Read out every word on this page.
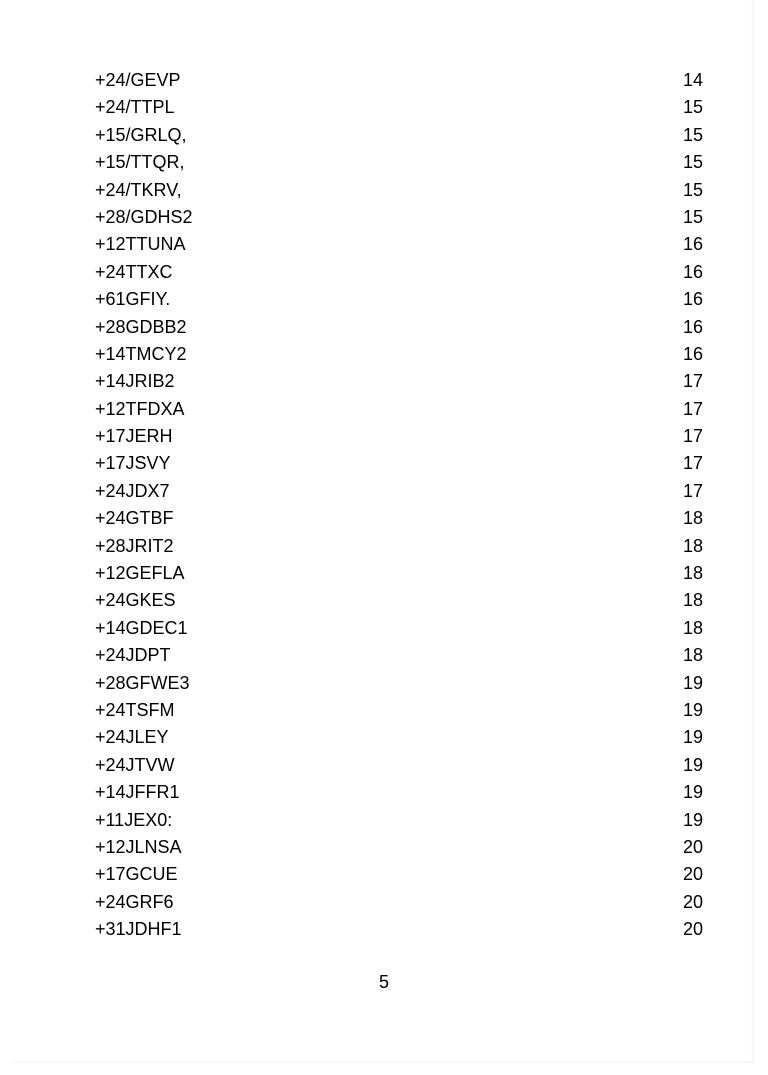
+24/GEVP	14
+24/TTPL	15
+15/GRLQ,	15
+15/TTQR,	15
+24/TKRV,	15
+28/GDHS2	15
+12TTUNA	16
+24TTXC	16
+61GFIY.	16
+28GDBB2	16
+14TMCY2	16
+14JRIB2	17
+12TFDXA	17
+17JERH	17
+17JSVY	17
+24JDX7	17
+24GTBF	18
+28JRIT2	18
+12GEFLA	18
+24GKES	18
+14GDEC1	18
+24JDPT	18
+28GFWE3	19
+24TSFM	19
+24JLEY	19
+24JTVW	19
+14JFFR1	19
+11JEX0:	19
+12JLNSA	20
+17GCUE	20
+24GRF6	20
+31JDHF1	20
5
